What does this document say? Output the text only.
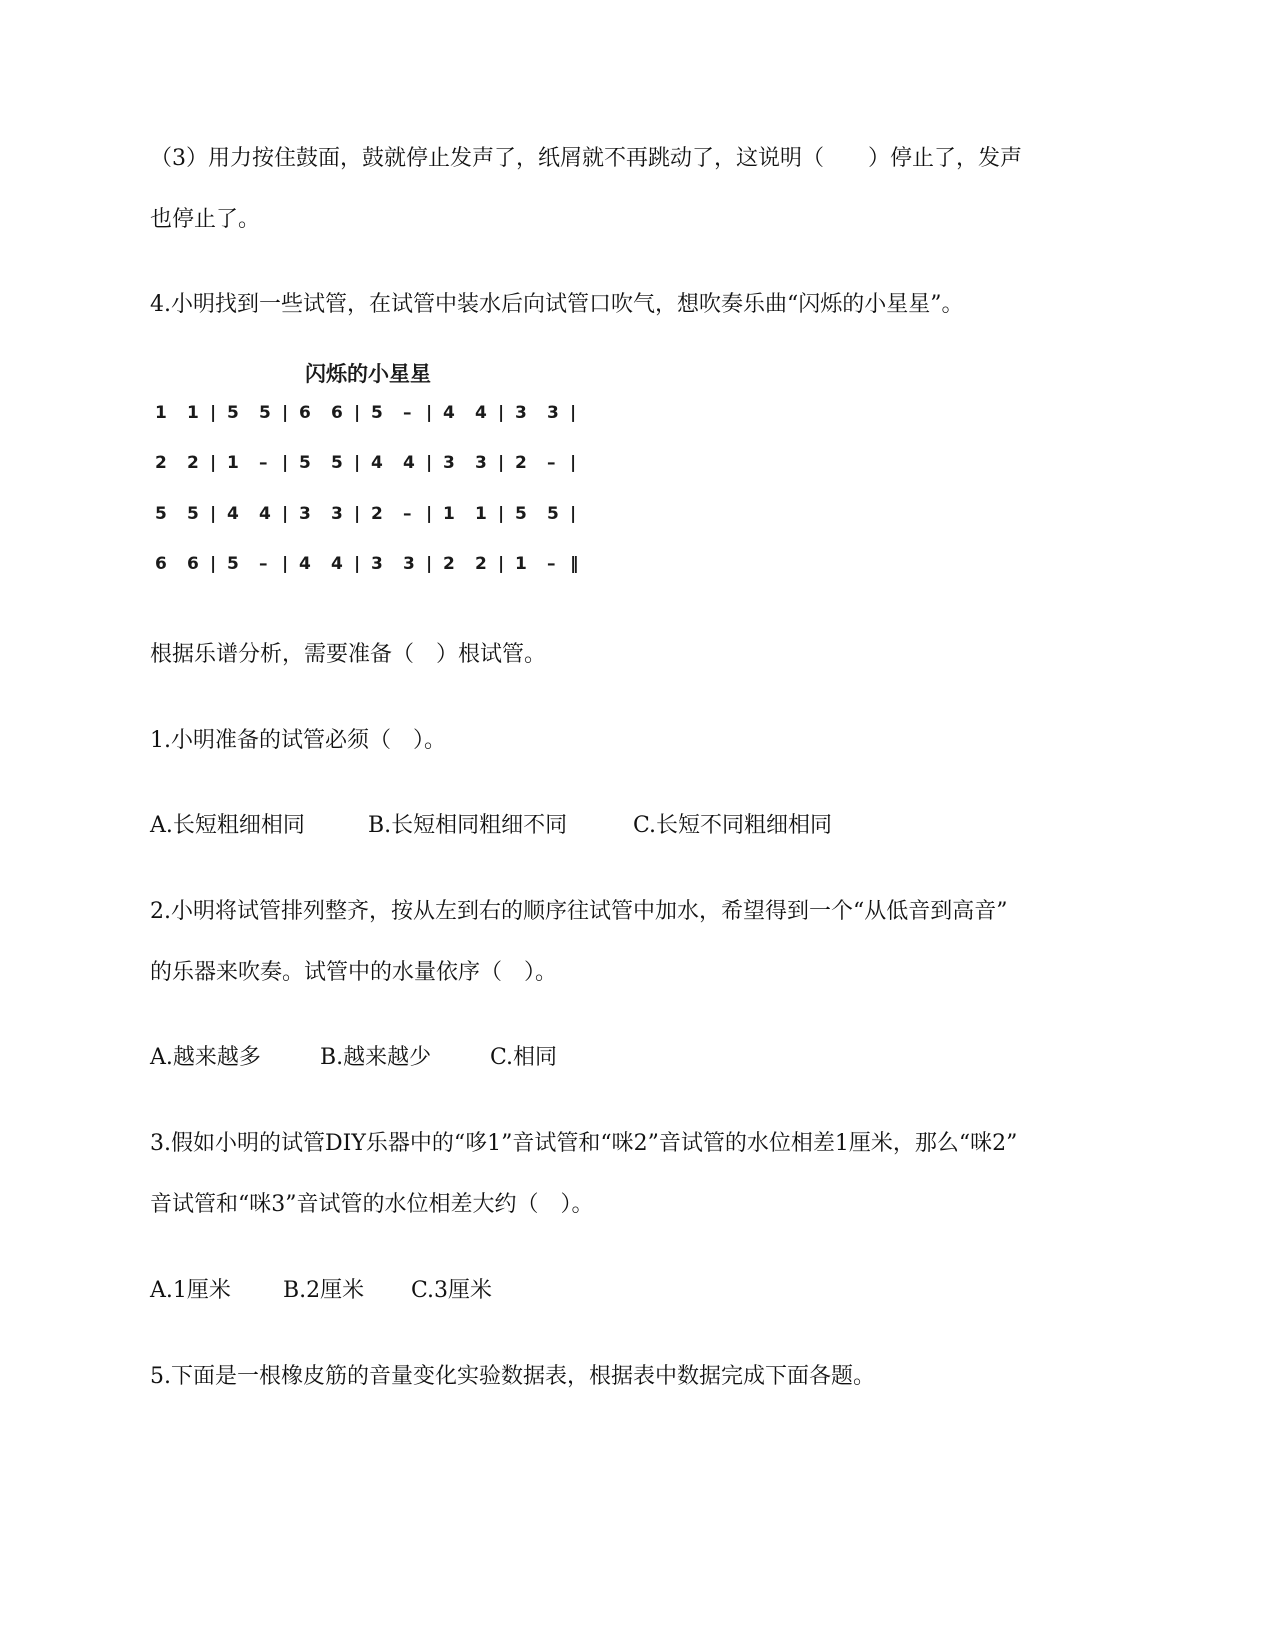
（3）用力按住鼓面，鼓就停止发声了，纸屑就不再跳动了，这说明（　　）停止了，发声
也停止了。
4.小明找到一些试管，在试管中装水后向试管口吹气，想吹奏乐曲“闪烁的小星星”。
闪烁的小星星
1 1 | 5 5 | 6 6 | 5 – | 4 4 | 3 3 |
2 2 | 1 – | 5 5 | 4 4 | 3 3 | 2 – |
5 5 | 4 4 | 3 3 | 2 – | 1 1 | 5 5 |
6 6 | 5 – | 4 4 | 3 3 | 2 2 | 1 – ‖
根据乐谱分析，需要准备（　）根试管。
1.小明准备的试管必须（　）。
A.长短粗细相同	B.长短相同粗细不同	C.长短不同粗细相同
2.小明将试管排列整齐，按从左到右的顺序往试管中加水，希望得到一个“从低音到高音”
的乐器来吹奏。试管中的水量依序（　）。
A.越来越多	B.越来越少	C.相同
3.假如小明的试管DIY乐器中的“哆1”音试管和“咪2”音试管的水位相差1厘米，那么“咪2”
音试管和“咪3”音试管的水位相差大约（　）。
A.1厘米 B.2厘米 C.3厘米
5.下面是一根橡皮筋的音量变化实验数据表，根据表中数据完成下面各题。
